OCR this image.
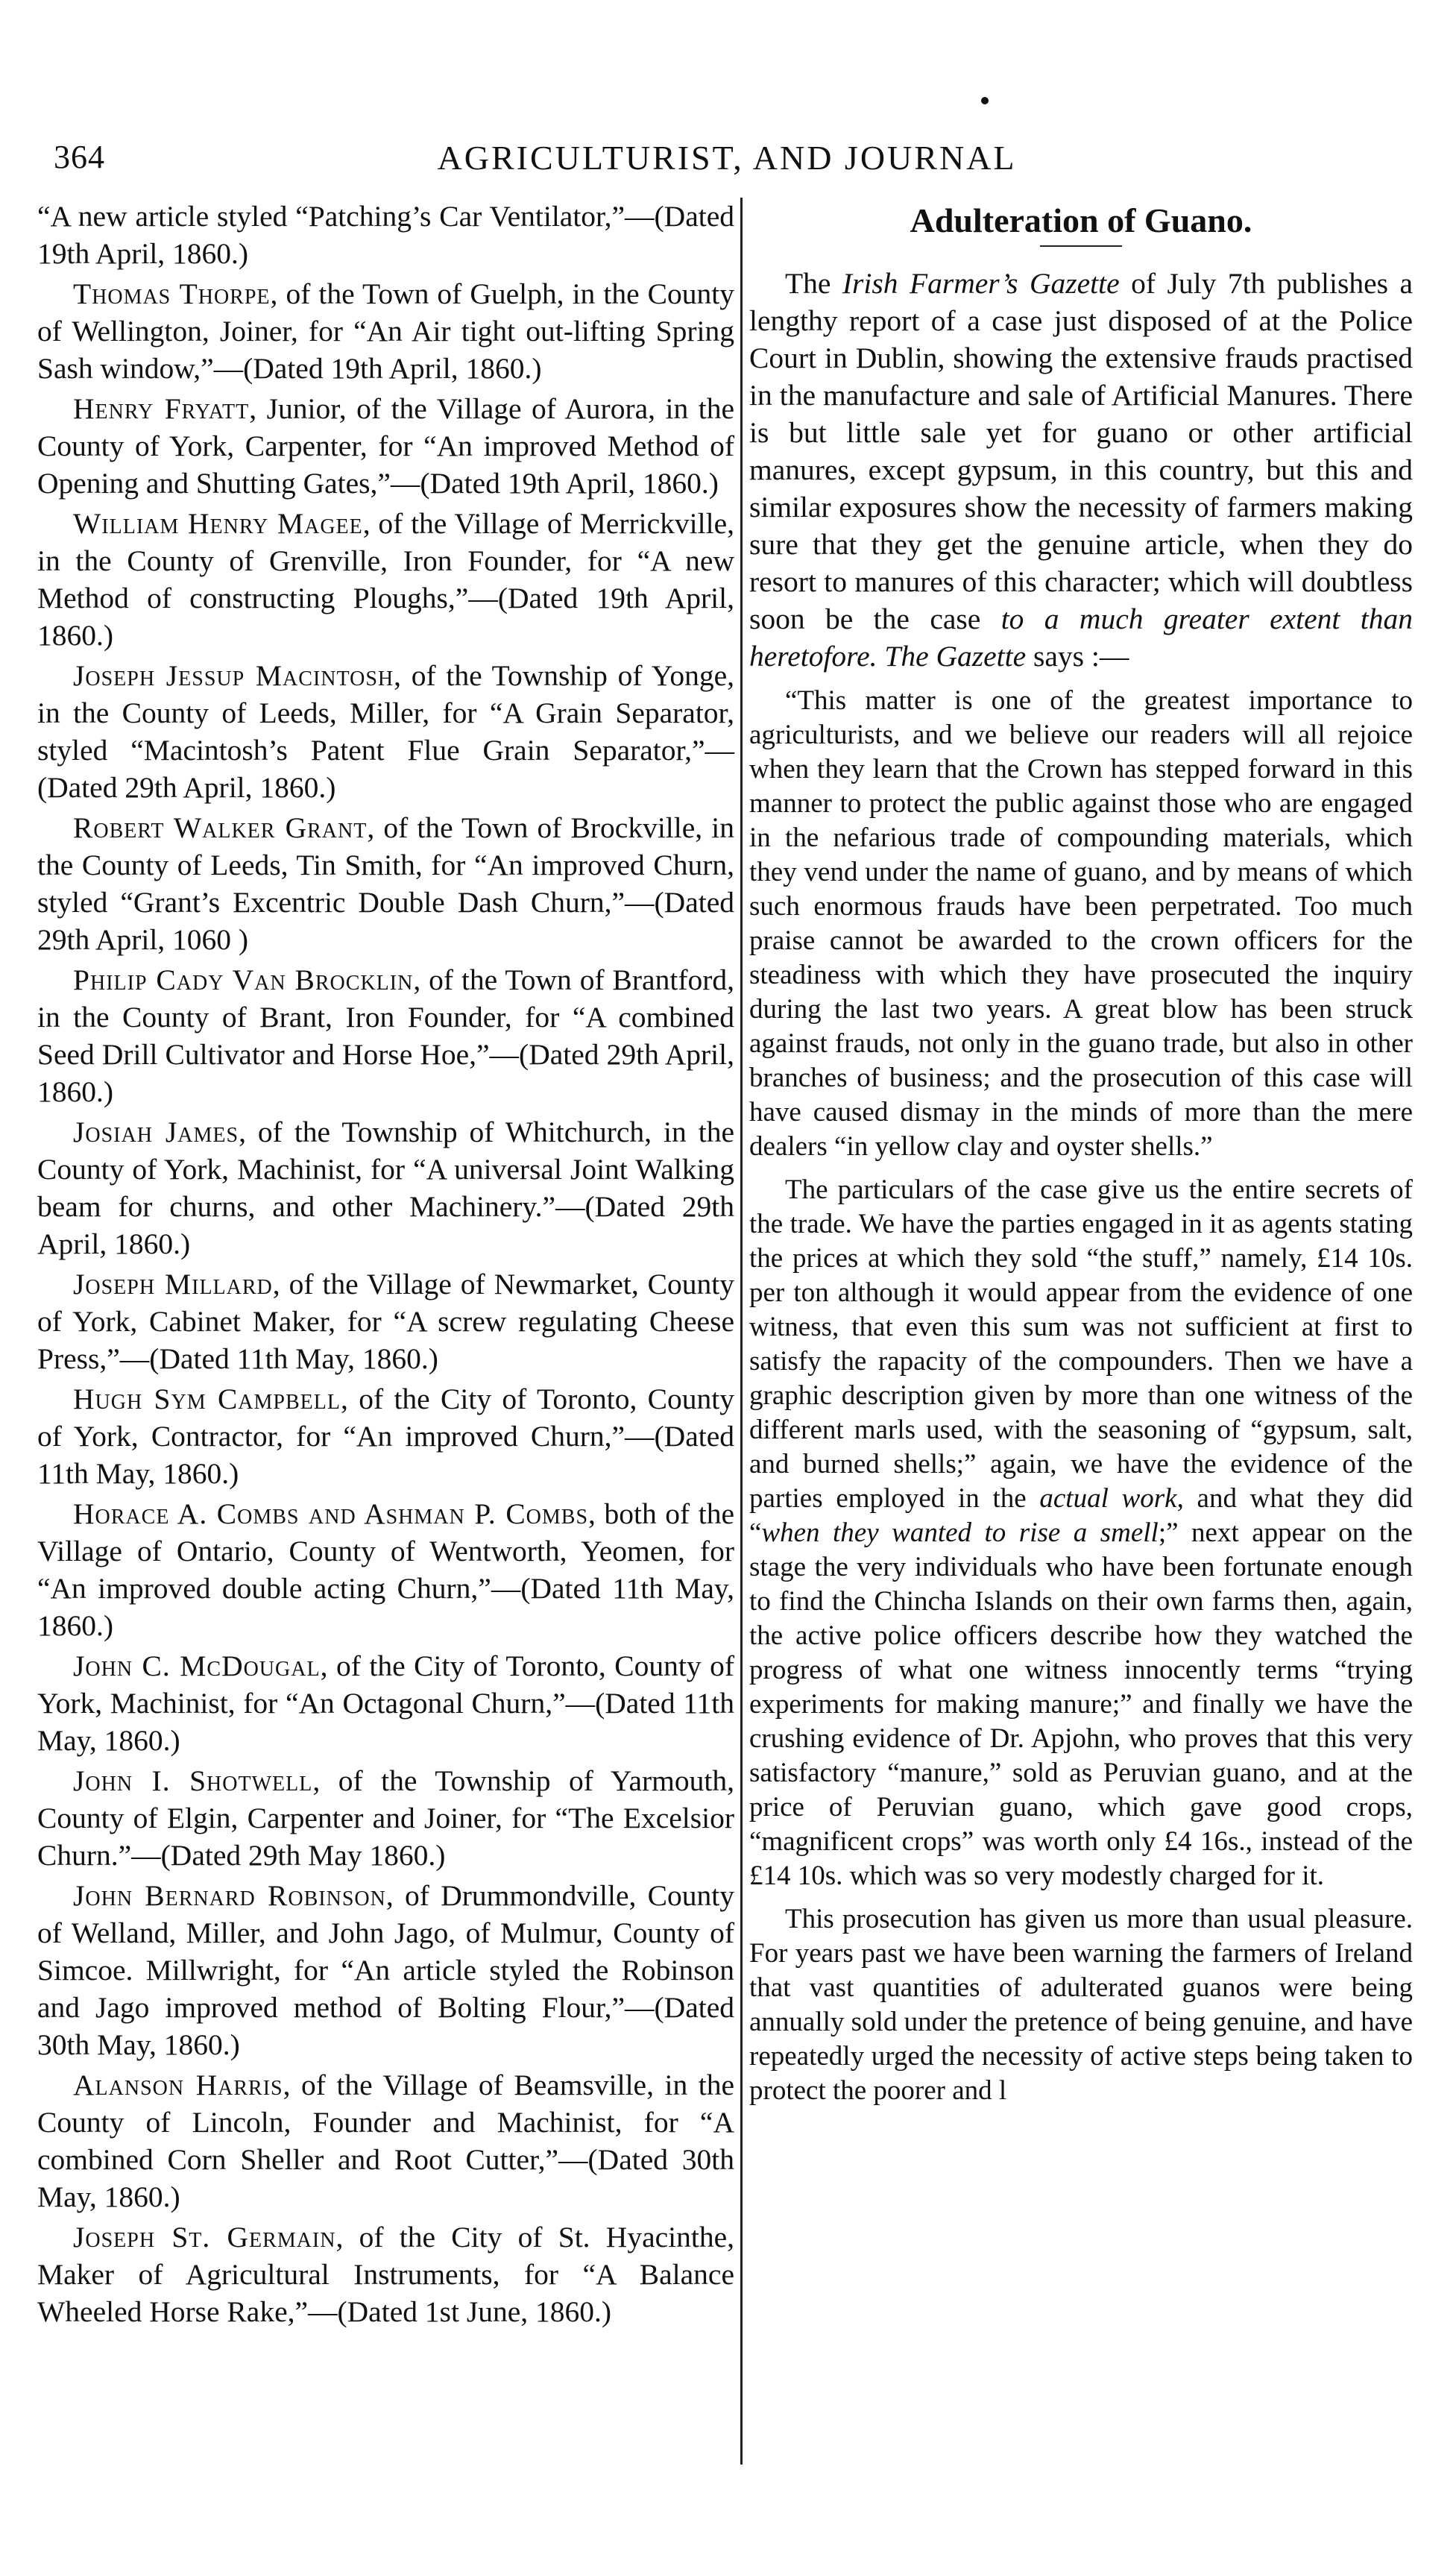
364	AGRICULTURIST, AND JOURNAL

“A new article styled “Patching’s Car Ventilator,”—(Dated 19th April, 1860.)

Thomas Thorpe, of the Town of Guelph, in the County of Wellington, Joiner, for “An Air tight out-lifting Spring Sash window,”—(Dated 19th April, 1860.)

Henry Fryatt, Junior, of the Village of Aurora, in the County of York, Carpenter, for “An improved Method of Opening and Shutting Gates,”—(Dated 19th April, 1860.)

William Henry Magee, of the Village of Merrickville, in the County of Grenville, Iron Founder, for “A new Method of constructing Ploughs,”—(Dated 19th April, 1860.)

Joseph Jessup Macintosh, of the Township of Yonge, in the County of Leeds, Miller, for “A Grain Separator, styled “Macintosh’s Patent Flue Grain Separator,”—(Dated 29th April, 1860.)

Robert Walker Grant, of the Town of Brockville, in the County of Leeds, Tin Smith, for “An improved Churn, styled “Grant’s Excentric Double Dash Churn,”—(Dated 29th April, 1060 )

Philip Cady Van Brocklin, of the Town of Brantford, in the County of Brant, Iron Founder, for “A combined Seed Drill Cultivator and Horse Hoe,”—(Dated 29th April, 1860.)

Josiah James, of the Township of Whitchurch, in the County of York, Machinist, for “A universal Joint Walking beam for churns, and other Machinery.”—(Dated 29th April, 1860.)

Joseph Millard, of the Village of Newmarket, County of York, Cabinet Maker, for “A screw regulating Cheese Press,”—(Dated 11th May, 1860.)

Hugh Sym Campbell, of the City of Toronto, County of York, Contractor, for “An improved Churn,”—(Dated 11th May, 1860.)

Horace A. Combs and Ashman P. Combs, both of the Village of Ontario, County of Wentworth, Yeomen, for “An improved double acting Churn,”—(Dated 11th May, 1860.)

John C. McDougal, of the City of Toronto, County of York, Machinist, for “An Octagonal Churn,”—(Dated 11th May, 1860.)

John I. Shotwell, of the Township of Yarmouth, County of Elgin, Carpenter and Joiner, for “The Excelsior Churn.”—(Dated 29th May 1860.)

John Bernard Robinson, of Drummondville, County of Welland, Miller, and John Jago, of Mulmur, County of Simcoe. Millwright, for “An article styled the Robinson and Jago improved method of Bolting Flour,”—(Dated 30th May, 1860.)

Alanson Harris, of the Village of Beamsville, in the County of Lincoln, Founder and Machinist, for “A combined Corn Sheller and Root Cutter,”—(Dated 30th May, 1860.)

Joseph St. Germain, of the City of St. Hyacinthe, Maker of Agricultural Instruments, for “A Balance Wheeled Horse Rake,”—(Dated 1st June, 1860.)

Adulteration of Guano.

The Irish Farmer’s Gazette of July 7th publishes a lengthy report of a case just disposed of at the Police Court in Dublin, showing the extensive frauds practised in the manufacture and sale of Artificial Manures. There is but little sale yet for guano or other artificial manures, except gypsum, in this country, but this and similar exposures show the necessity of farmers making sure that they get the genuine article, when they do resort to manures of this character; which will doubtless soon be the case to a much greater extent than heretofore. The Gazette says :—

“This matter is one of the greatest importance to agriculturists, and we believe our readers will all rejoice when they learn that the Crown has stepped forward in this manner to protect the public against those who are engaged in the nefarious trade of compounding materials, which they vend under the name of guano, and by means of which such enormous frauds have been perpetrated. Too much praise cannot be awarded to the crown officers for the steadiness with which they have prosecuted the inquiry during the last two years. A great blow has been struck against frauds, not only in the guano trade, but also in other branches of business; and the prosecution of this case will have caused dismay in the minds of more than the mere dealers “in yellow clay and oyster shells.”

The particulars of the case give us the entire secrets of the trade. We have the parties engaged in it as agents stating the prices at which they sold “the stuff,” namely, £14 10s. per ton although it would appear from the evidence of one witness, that even this sum was not sufficient at first to satisfy the rapacity of the compounders. Then we have a graphic description given by more than one witness of the different marls used, with the seasoning of “gypsum, salt, and burned shells;” again, we have the evidence of the parties employed in the actual work, and what they did “when they wanted to rise a smell;” next appear on the stage the very individuals who have been fortunate enough to find the Chincha Islands on their own farms then, again, the active police officers describe how they watched the progress of what one witness innocently terms “trying experiments for making manure;” and finally we have the crushing evidence of Dr. Apjohn, who proves that this very satisfactory “manure,” sold as Peruvian guano, and at the price of Peruvian guano, which gave good crops, “magnificent crops” was worth only £4 16s., instead of the £14 10s. which was so very modestly charged for it.

This prosecution has given us more than usual pleasure. For years past we have been warning the farmers of Ireland that vast quantities of adulterated guanos were being annually sold under the pretence of being genuine, and have repeatedly urged the necessity of active steps being taken to protect the poorer and l
